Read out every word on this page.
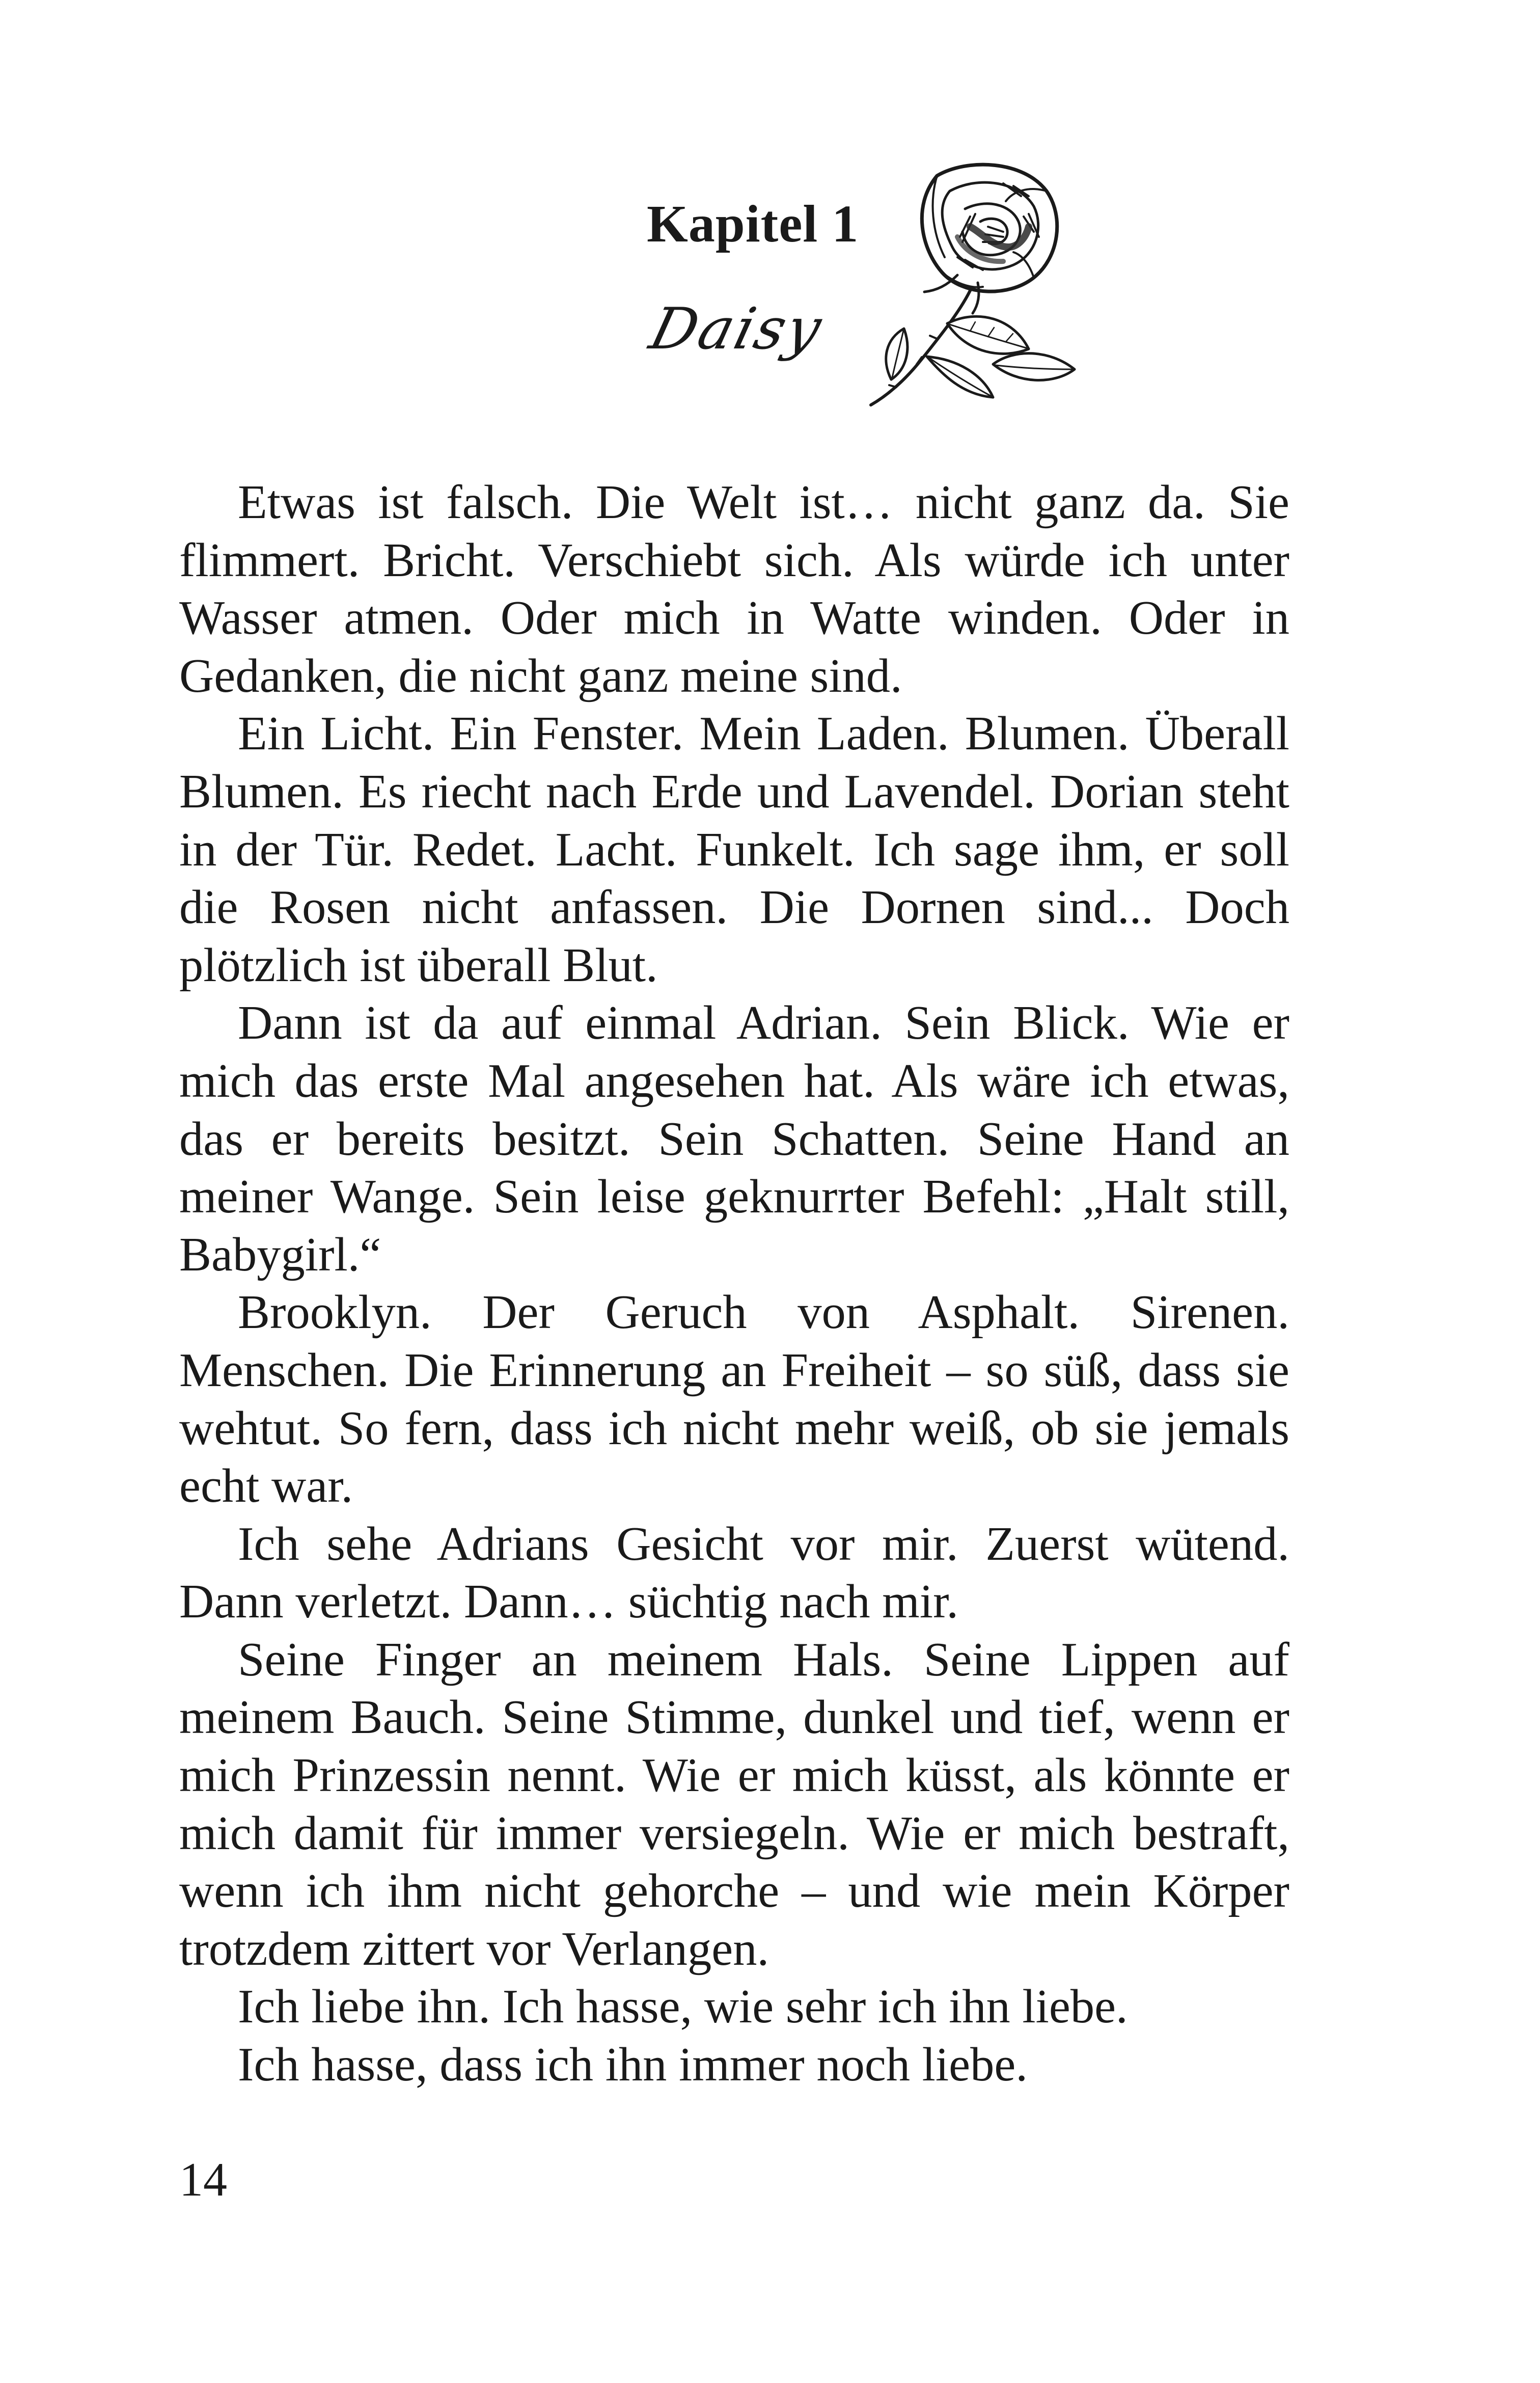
Kapitel 1
Daisy

Etwas ist falsch. Die Welt ist… nicht ganz da. Sie flimmert. Bricht. Verschiebt sich. Als würde ich unter Wasser atmen. Oder mich in Watte winden. Oder in Gedanken, die nicht ganz meine sind.

Ein Licht. Ein Fenster. Mein Laden. Blumen. Überall Blumen. Es riecht nach Erde und Lavendel. Dorian steht in der Tür. Redet. Lacht. Funkelt. Ich sage ihm, er soll die Rosen nicht anfassen. Die Dornen sind... Doch plötzlich ist überall Blut.

Dann ist da auf einmal Adrian. Sein Blick. Wie er mich das erste Mal angesehen hat. Als wäre ich etwas, das er bereits besitzt. Sein Schatten. Seine Hand an meiner Wange. Sein leise geknurrter Befehl: „Halt still, Babygirl.“

Brooklyn. Der Geruch von Asphalt. Sirenen. Menschen. Die Erinnerung an Freiheit – so süß, dass sie wehtut. So fern, dass ich nicht mehr weiß, ob sie jemals echt war.

Ich sehe Adrians Gesicht vor mir. Zuerst wütend. Dann verletzt. Dann… süchtig nach mir.

Seine Finger an meinem Hals. Seine Lippen auf meinem Bauch. Seine Stimme, dunkel und tief, wenn er mich Prinzessin nennt. Wie er mich küsst, als könnte er mich damit für immer versiegeln. Wie er mich bestraft, wenn ich ihm nicht gehorche – und wie mein Körper trotzdem zittert vor Verlangen.

Ich liebe ihn. Ich hasse, wie sehr ich ihn liebe.

Ich hasse, dass ich ihn immer noch liebe.

14
